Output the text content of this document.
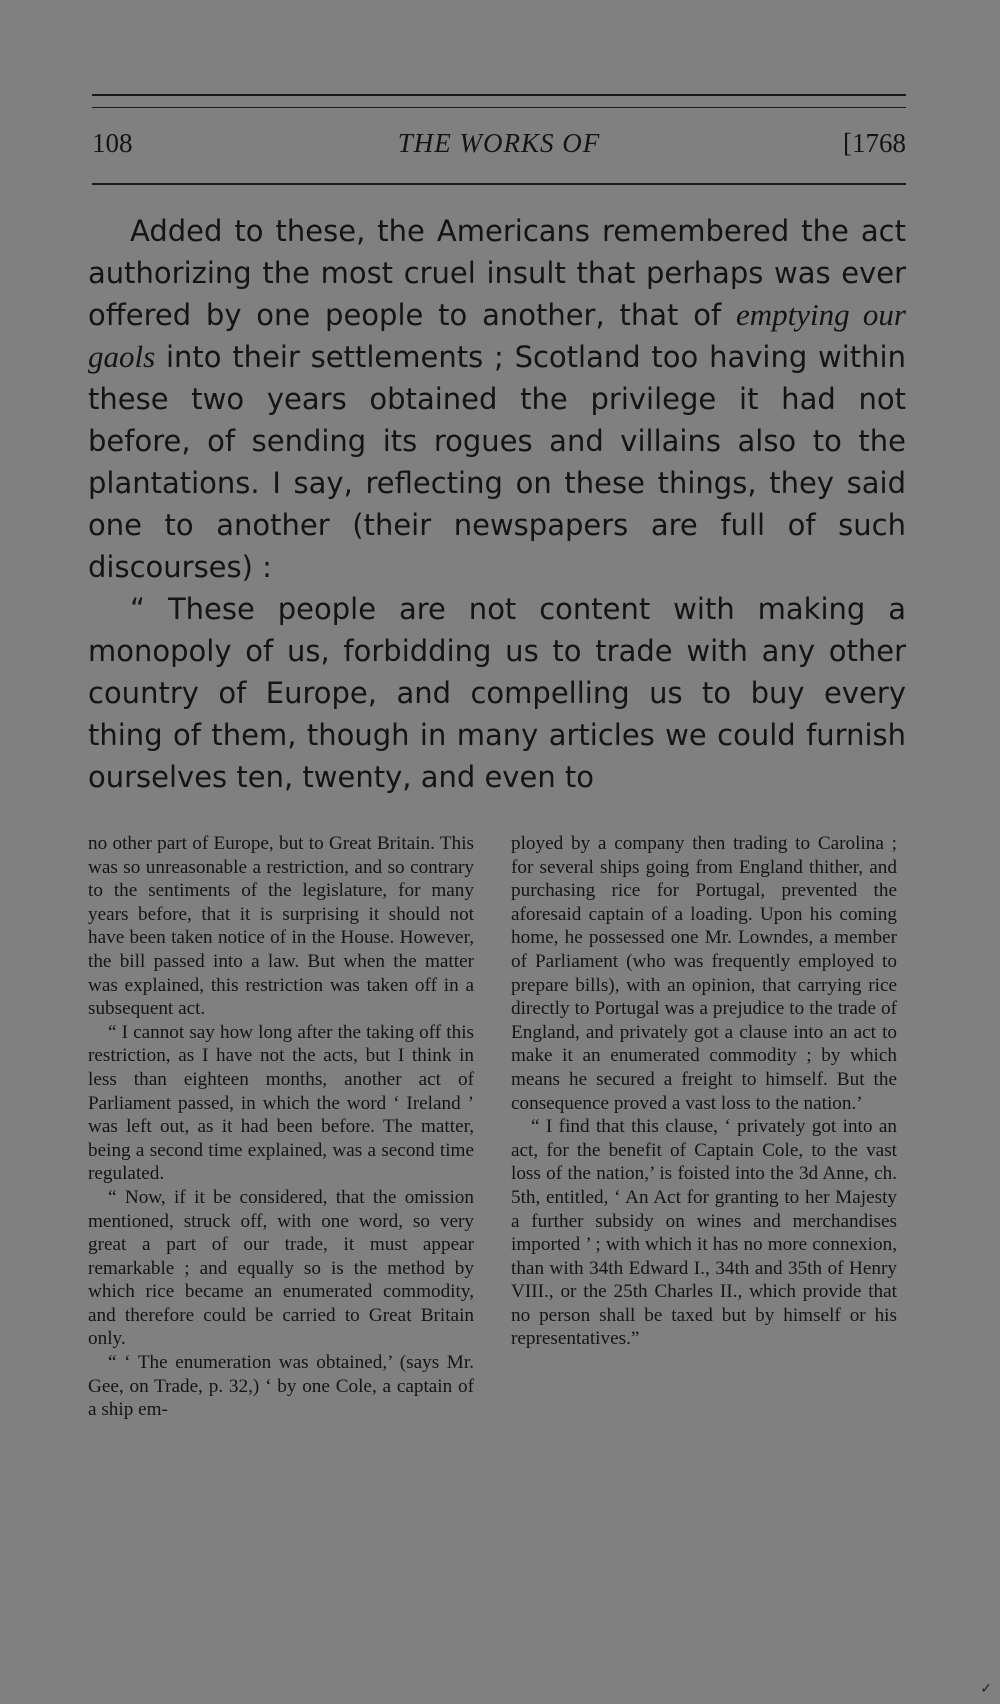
108	THE WORKS OF	[1768

Added to these, the Americans remembered the act authorizing the most cruel insult that perhaps was ever offered by one people to another, that of emptying our gaols into their settlements ; Scotland too having within these two years obtained the privilege it had not before, of sending its rogues and villains also to the plantations. I say, reflecting on these things, they said one to another (their newspapers are full of such discourses) :

“ These people are not content with making a monopoly of us, forbidding us to trade with any other country of Europe, and compelling us to buy every thing of them, though in many articles we could furnish ourselves ten, twenty, and even to

no other part of Europe, but to Great Britain. This was so unreasonable a restriction, and so contrary to the sentiments of the legislature, for many years before, that it is surprising it should not have been taken notice of in the House. However, the bill passed into a law. But when the matter was explained, this restriction was taken off in a subsequent act.

“ I cannot say how long after the taking off this restriction, as I have not the acts, but I think in less than eighteen months, another act of Parliament passed, in which the word ‘ Ireland ’ was left out, as it had been before. The matter, being a second time explained, was a second time regulated.

“ Now, if it be considered, that the omission mentioned, struck off, with one word, so very great a part of our trade, it must appear remarkable ; and equally so is the method by which rice became an enumerated commodity, and therefore could be carried to Great Britain only.

“ ‘ The enumeration was obtained,’ (says Mr. Gee, on Trade, p. 32,) ‘ by one Cole, a captain of a ship em-

ployed by a company then trading to Carolina ; for several ships going from England thither, and purchasing rice for Portugal, prevented the aforesaid captain of a loading. Upon his coming home, he possessed one Mr. Lowndes, a member of Parliament (who was frequently employed to prepare bills), with an opinion, that carrying rice directly to Portugal was a prejudice to the trade of England, and privately got a clause into an act to make it an enumerated commodity ; by which means he secured a freight to himself. But the consequence proved a vast loss to the nation.’

“ I find that this clause, ‘ privately got into an act, for the benefit of Captain Cole, to the vast loss of the nation,’ is foisted into the 3d Anne, ch. 5th, entitled, ‘ An Act for granting to her Majesty a further subsidy on wines and merchandises imported ’ ; with which it has no more connexion, than with 34th Edward I., 34th and 35th of Henry VIII., or the 25th Charles II., which provide that no person shall be taxed but by himself or his representatives.”

✓
